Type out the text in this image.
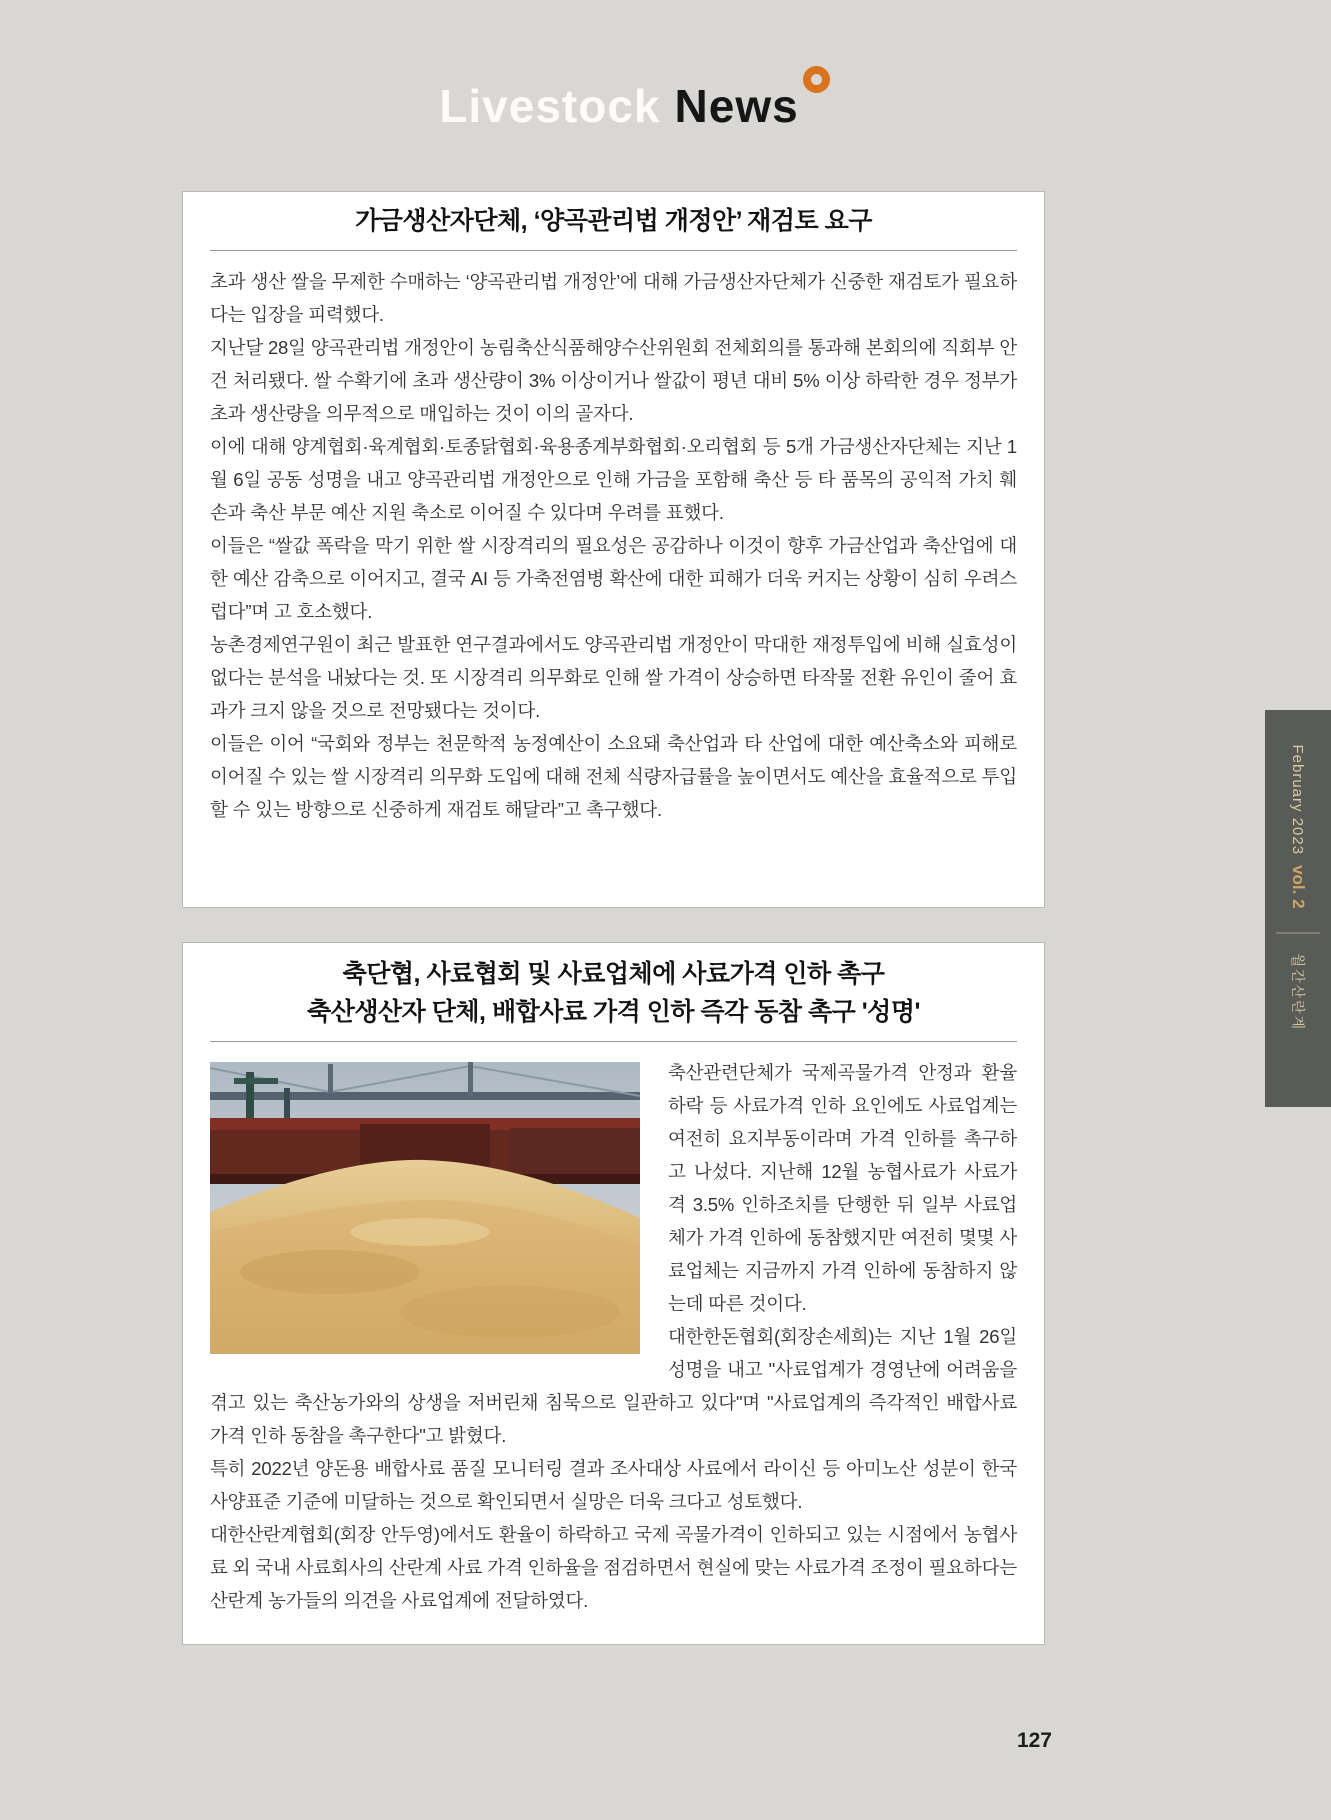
Livestock News
가금생산자단체, ‘양곡관리법 개정안’ 재검토 요구

초과 생산 쌀을 무제한 수매하는 ‘양곡관리법 개정안’에 대해 가금생산자단체가 신중한 재검토가 필요하다는 입장을 피력했다.

지난달 28일 양곡관리법 개정안이 농림축산식품해양수산위원회 전체회의를 통과해 본회의에 직회부 안건 처리됐다. 쌀 수확기에 초과 생산량이 3% 이상이거나 쌀값이 평년 대비 5% 이상 하락한 경우 정부가 초과 생산량을 의무적으로 매입하는 것이 이의 골자다.

이에 대해 양계협회·육계협회·토종닭협회·육용종계부화협회·오리협회 등 5개 가금생산자단체는 지난 1월 6일 공동 성명을 내고 양곡관리법 개정안으로 인해 가금을 포함해 축산 등 타 품목의 공익적 가치 훼손과 축산 부문 예산 지원 축소로 이어질 수 있다며 우려를 표했다.

이들은 “쌀값 폭락을 막기 위한 쌀 시장격리의 필요성은 공감하나 이것이 향후 가금산업과 축산업에 대한 예산 감축으로 이어지고, 결국 AI 등 가축전염병 확산에 대한 피해가 더욱 커지는 상황이 심히 우려스럽다”며 고 호소했다.

농촌경제연구원이 최근 발표한 연구결과에서도 양곡관리법 개정안이 막대한 재정투입에 비해 실효성이 없다는 분석을 내놨다는 것. 또 시장격리 의무화로 인해 쌀 가격이 상승하면 타작물 전환 유인이 줄어 효과가 크지 않을 것으로 전망됐다는 것이다.

이들은 이어 “국회와 정부는 천문학적 농정예산이 소요돼 축산업과 타 산업에 대한 예산축소와 피해로 이어질 수 있는 쌀 시장격리 의무화 도입에 대해 전체 식량자급률을 높이면서도 예산을 효율적으로 투입할 수 있는 방향으로 신중하게 재검토 해달라”고 촉구했다.

축단협, 사료협회 및 사료업체에 사료가격 인하 촉구
축산생산자 단체, 배합사료 가격 인하 즉각 동참 촉구 '성명'

축산관련단체가 국제곡물가격 안정과 환율 하락 등 사료가격 인하 요인에도 사료업계는 여전히 요지부동이라며 가격 인하를 촉구하고 나섰다. 지난해 12월 농협사료가 사료가격 3.5% 인하조치를 단행한 뒤 일부 사료업체가 가격 인하에 동참했지만 여전히 몇몇 사료업체는 지금까지 가격 인하에 동참하지 않는데 따른 것이다.

대한한돈협회(회장손세희)는 지난 1월 26일 성명을 내고 "사료업계가 경영난에 어려움을 겪고 있는 축산농가와의 상생을 저버린채 침묵으로 일관하고 있다"며 "사료업계의 즉각적인 배합사료 가격 인하 동참을 촉구한다"고 밝혔다.

특히 2022년 양돈용 배합사료 품질 모니터링 결과 조사대상 사료에서 라이신 등 아미노산 성분이 한국사양표준 기준에 미달하는 것으로 확인되면서 실망은 더욱 크다고 성토했다.

대한산란계협회(회장 안두영)에서도 환율이 하락하고 국제 곡물가격이 인하되고 있는 시점에서 농협사료 외 국내 사료회사의 산란계 사료 가격 인하율을 점검하면서 현실에 맞는 사료가격 조정이 필요하다는 산란계 농가들의 의견을 사료업계에 전달하였다.

February 2023
vol. 2
월간산란계
127
